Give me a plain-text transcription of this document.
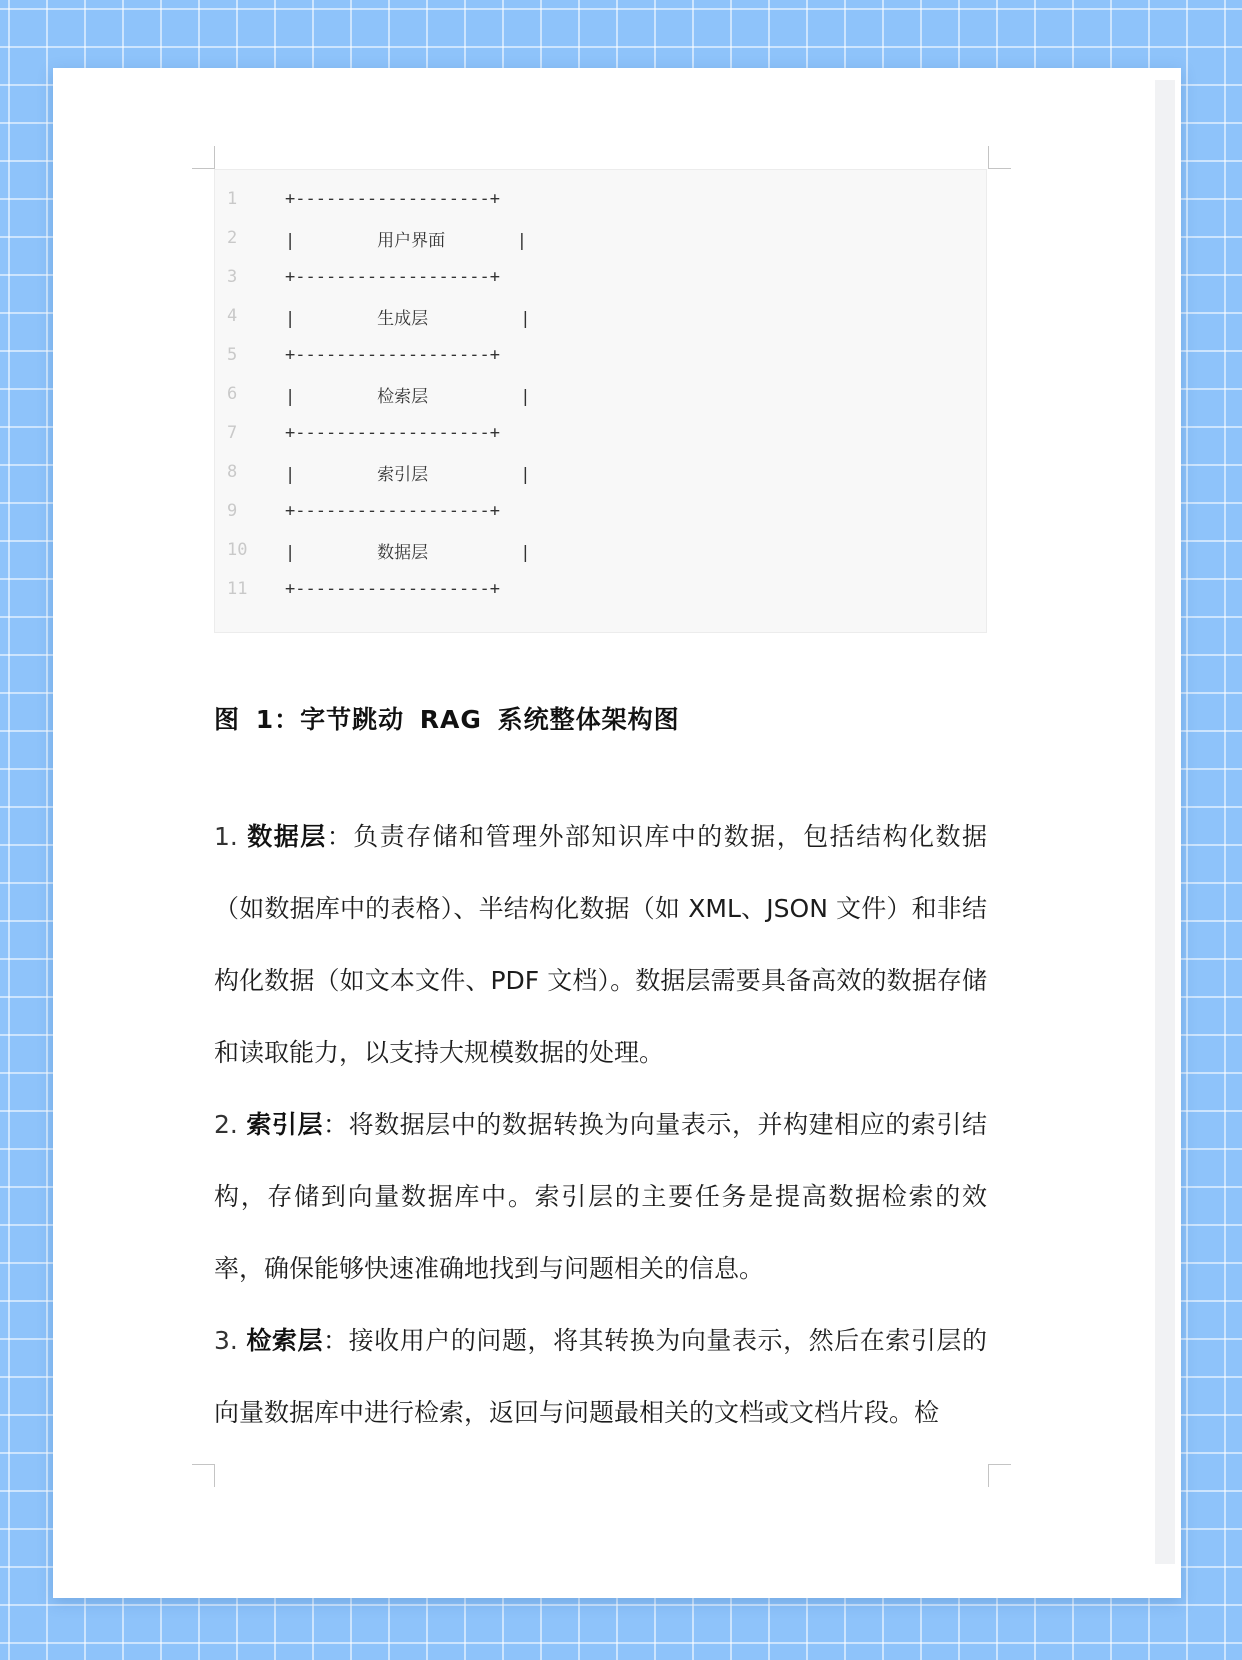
1	+-------------------+
2	|        用户界面       |
3	+-------------------+
4	|        生成层         |
5	+-------------------+
6	|        检索层         |
7	+-------------------+
8	|        索引层         |
9	+-------------------+
10	|        数据层         |
11	+-------------------+
图 1：字节跳动 RAG 系统整体架构图
1. 数据层：负责存储和管理外部知识库中的数据，包括结构化数据（如数据库中的表格）、半结构化数据（如 XML、JSON 文件）和非结构化数据（如文本文件、PDF 文档）。数据层需要具备高效的数据存储和读取能力，以支持大规模数据的处理。
2. 索引层：将数据层中的数据转换为向量表示，并构建相应的索引结构，存储到向量数据库中。索引层的主要任务是提高数据检索的效率，确保能够快速准确地找到与问题相关的信息。
3. 检索层：接收用户的问题，将其转换为向量表示，然后在索引层的向量数据库中进行检索，返回与问题最相关的文档或文档片段。检
